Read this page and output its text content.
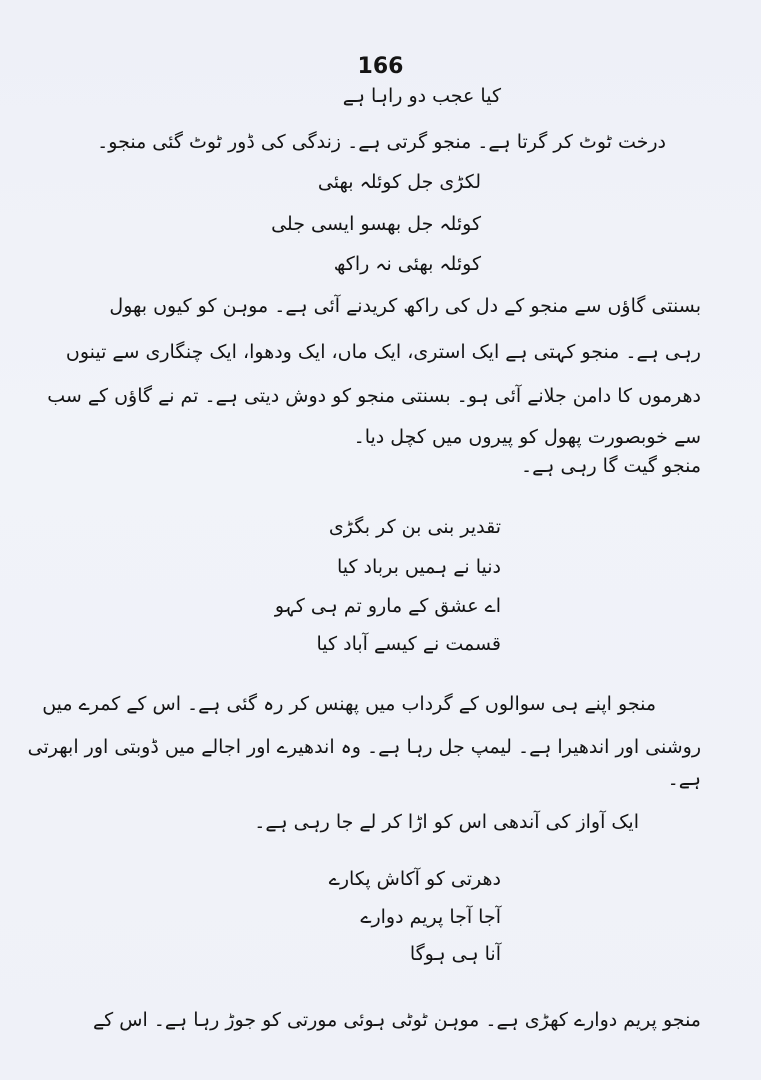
166
کیا عجب دو راہا ہے
درخت ٹوٹ کر گرتا ہے۔ منجو گرتی ہے۔ زندگی کی ڈور ٹوٹ گئی منجو۔
لکڑی جل کوئلہ بھئی
کوئلہ جل بھسو ایسی جلی
کوئلہ بھئی نہ راکھ
بسنتی گاؤں سے منجو کے دل کی راکھ کریدنے آئی ہے۔ موہن کو کیوں بھول
رہی ہے۔ منجو کہتی ہے ایک استری، ایک ماں، ایک ودھوا، ایک چنگاری سے تینوں
دھرموں کا دامن جلانے آئی ہو۔ بسنتی منجو کو دوش دیتی ہے۔ تم نے گاؤں کے سب
سے خوبصورت پھول کو پیروں میں کچل دیا۔
منجو گیت گا رہی ہے۔
تقدیر بنی بن کر بگڑی
دنیا نے ہمیں برباد کیا
اے عشق کے مارو تم ہی کہو
قسمت نے کیسے آباد کیا
منجو اپنے ہی سوالوں کے گرداب میں پھنس کر رہ گئی ہے۔ اس کے کمرے میں
روشنی اور اندھیرا ہے۔ لیمپ جل رہا ہے۔ وہ اندھیرے اور اجالے میں ڈوبتی اور ابھرتی
ہے۔
ایک آواز کی آندھی اس کو اڑا کر لے جا رہی ہے۔
دھرتی کو آکاش پکارے
آجا آجا پریم دوارے
آنا ہی ہوگا
منجو پریم دوارے کھڑی ہے۔ موہن ٹوٹی ہوئی مورتی کو جوڑ رہا ہے۔ اس کے
